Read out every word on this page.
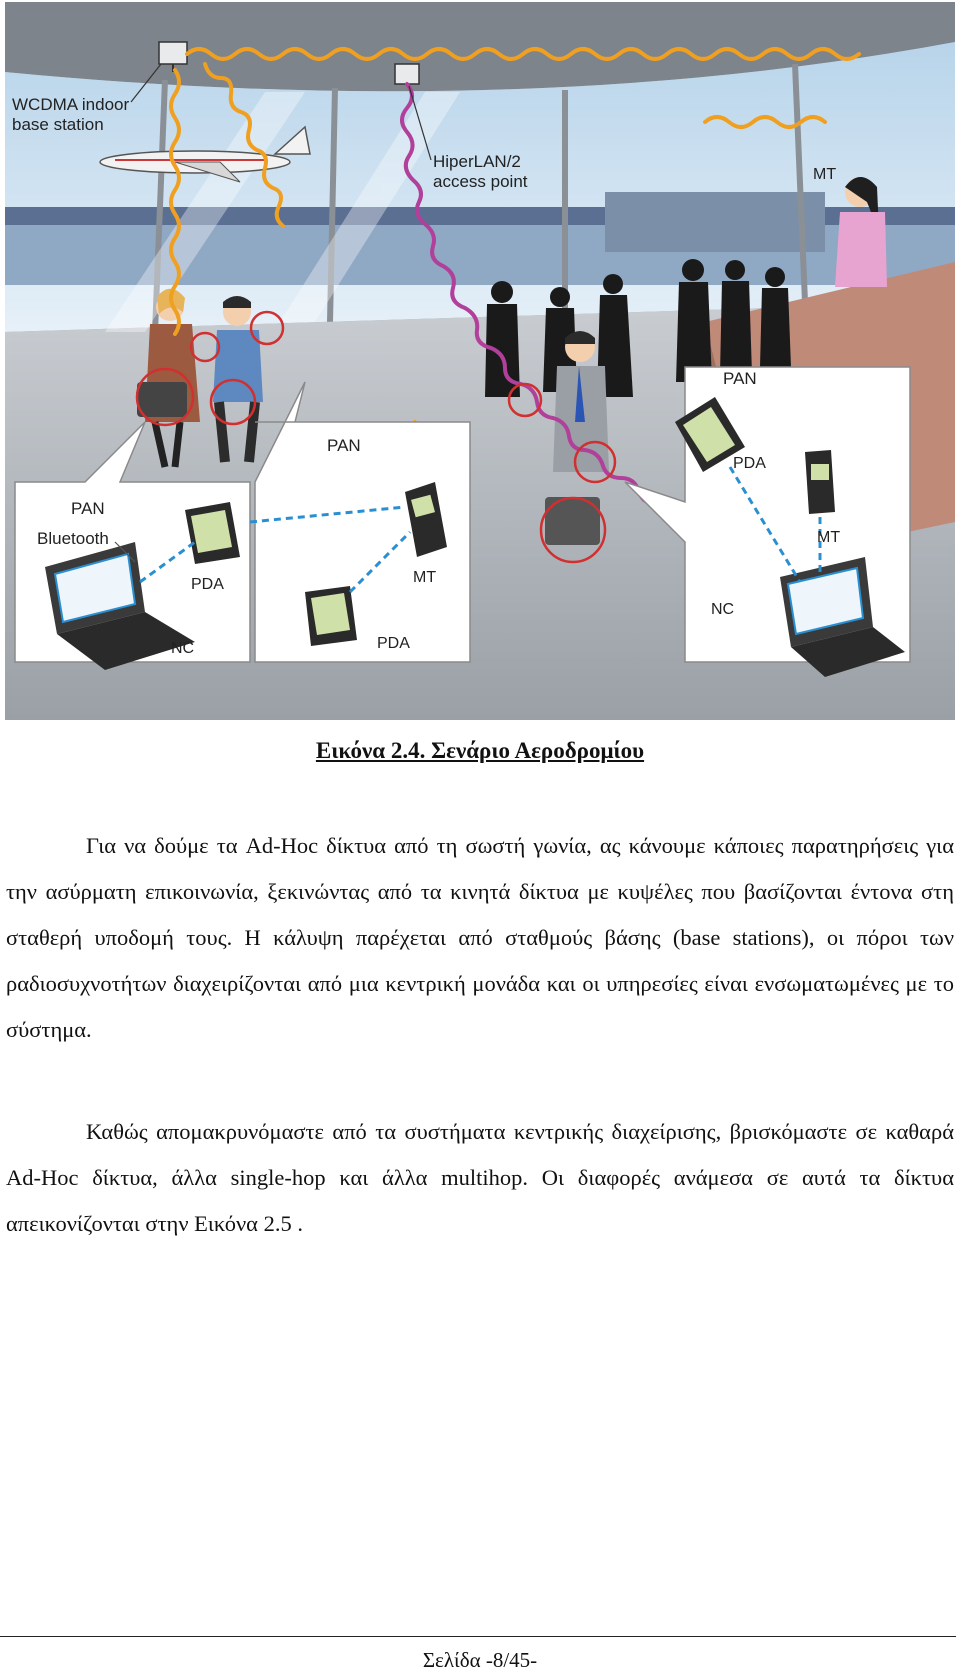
WCDMA indoor
base station
HiperLAN/2
access point	MT
PAN
Bluetooth
PDA
NC
PAN
MT
PDA
PAN
PDA
MT
NC
Εικόνα 2.4. Σενάριο Αεροδρομίου

Για να δούμε τα Ad-Hoc δίκτυα από τη σωστή γωνία, ας κάνουμε κάποιες παρατηρήσεις για την ασύρματη επικοινωνία, ξεκινώντας από τα κινητά δίκτυα με κυψέλες που βασίζονται έντονα στη σταθερή υποδομή τους. Η κάλυψη παρέχεται από σταθμούς βάσης (base stations), οι πόροι των ραδιοσυχνοτήτων διαχειρίζονται από μια κεντρική μονάδα και οι υπηρεσίες είναι ενσωματωμένες με το σύστημα.

Καθώς απομακρυνόμαστε από τα συστήματα κεντρικής διαχείρισης, βρισκόμαστε σε καθαρά Ad-Hoc δίκτυα, άλλα single-hop και άλλα multihop. Οι διαφορές ανάμεσα σε αυτά τα δίκτυα απεικονίζονται στην Εικόνα 2.5 .

Σελίδα -8/45-
